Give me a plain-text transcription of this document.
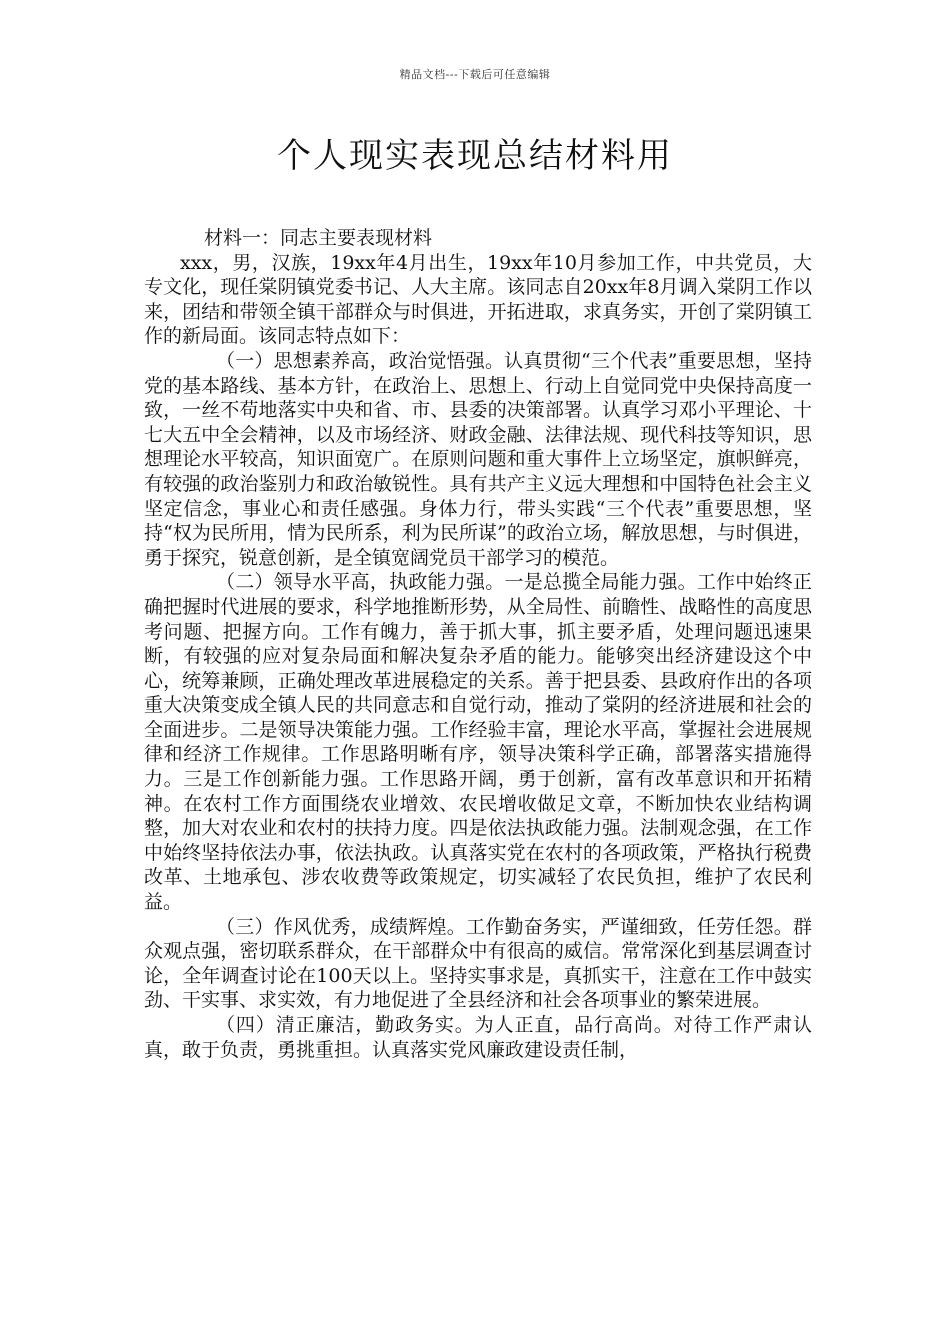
精品文档---下载后可任意编辑
个人现实表现总结材料用

材料一：同志主要表现材料

xxx，男，汉族，19xx年4月出生，19xx年10月参加工作，中共党员，大专文化，现任棠阴镇党委书记、人大主席。该同志自20xx年8月调入棠阴工作以来，团结和带领全镇干部群众与时俱进，开拓进取，求真务实，开创了棠阴镇工作的新局面。该同志特点如下：

（一）思想素养高，政治觉悟强。认真贯彻“三个代表”重要思想，坚持党的基本路线、基本方针，在政治上、思想上、行动上自觉同党中央保持高度一致，一丝不苟地落实中央和省、市、县委的决策部署。认真学习邓小平理论、十七大五中全会精神，以及市场经济、财政金融、法律法规、现代科技等知识，思想理论水平较高，知识面宽广。在原则问题和重大事件上立场坚定，旗帜鲜亮，有较强的政治鉴别力和政治敏锐性。具有共产主义远大理想和中国特色社会主义坚定信念，事业心和责任感强。身体力行，带头实践“三个代表”重要思想，坚持“权为民所用，情为民所系，利为民所谋”的政治立场，解放思想，与时俱进，勇于探究，锐意创新，是全镇宽阔党员干部学习的模范。

（二）领导水平高，执政能力强。一是总揽全局能力强。工作中始终正确把握时代进展的要求，科学地推断形势，从全局性、前瞻性、战略性的高度思考问题、把握方向。工作有魄力，善于抓大事，抓主要矛盾，处理问题迅速果断，有较强的应对复杂局面和解决复杂矛盾的能力。能够突出经济建设这个中心，统筹兼顾，正确处理改革进展稳定的关系。善于把县委、县政府作出的各项重大决策变成全镇人民的共同意志和自觉行动，推动了棠阴的经济进展和社会的全面进步。二是领导决策能力强。工作经验丰富，理论水平高，掌握社会进展规律和经济工作规律。工作思路明晰有序，领导决策科学正确，部署落实措施得力。三是工作创新能力强。工作思路开阔，勇于创新，富有改革意识和开拓精神。在农村工作方面围绕农业增效、农民增收做足文章，不断加快农业结构调整，加大对农业和农村的扶持力度。四是依法执政能力强。法制观念强，在工作中始终坚持依法办事，依法执政。认真落实党在农村的各项政策，严格执行税费改革、土地承包、涉农收费等政策规定，切实减轻了农民负担，维护了农民利益。

（三）作风优秀，成绩辉煌。工作勤奋务实，严谨细致，任劳任怨。群众观点强，密切联系群众，在干部群众中有很高的威信。常常深化到基层调查讨论，全年调查讨论在100天以上。坚持实事求是，真抓实干，注意在工作中鼓实劲、干实事、求实效，有力地促进了全县经济和社会各项事业的繁荣进展。

（四）清正廉洁，勤政务实。为人正直，品行高尚。对待工作严肃认真，敢于负责，勇挑重担。认真落实党风廉政建设责任制，
